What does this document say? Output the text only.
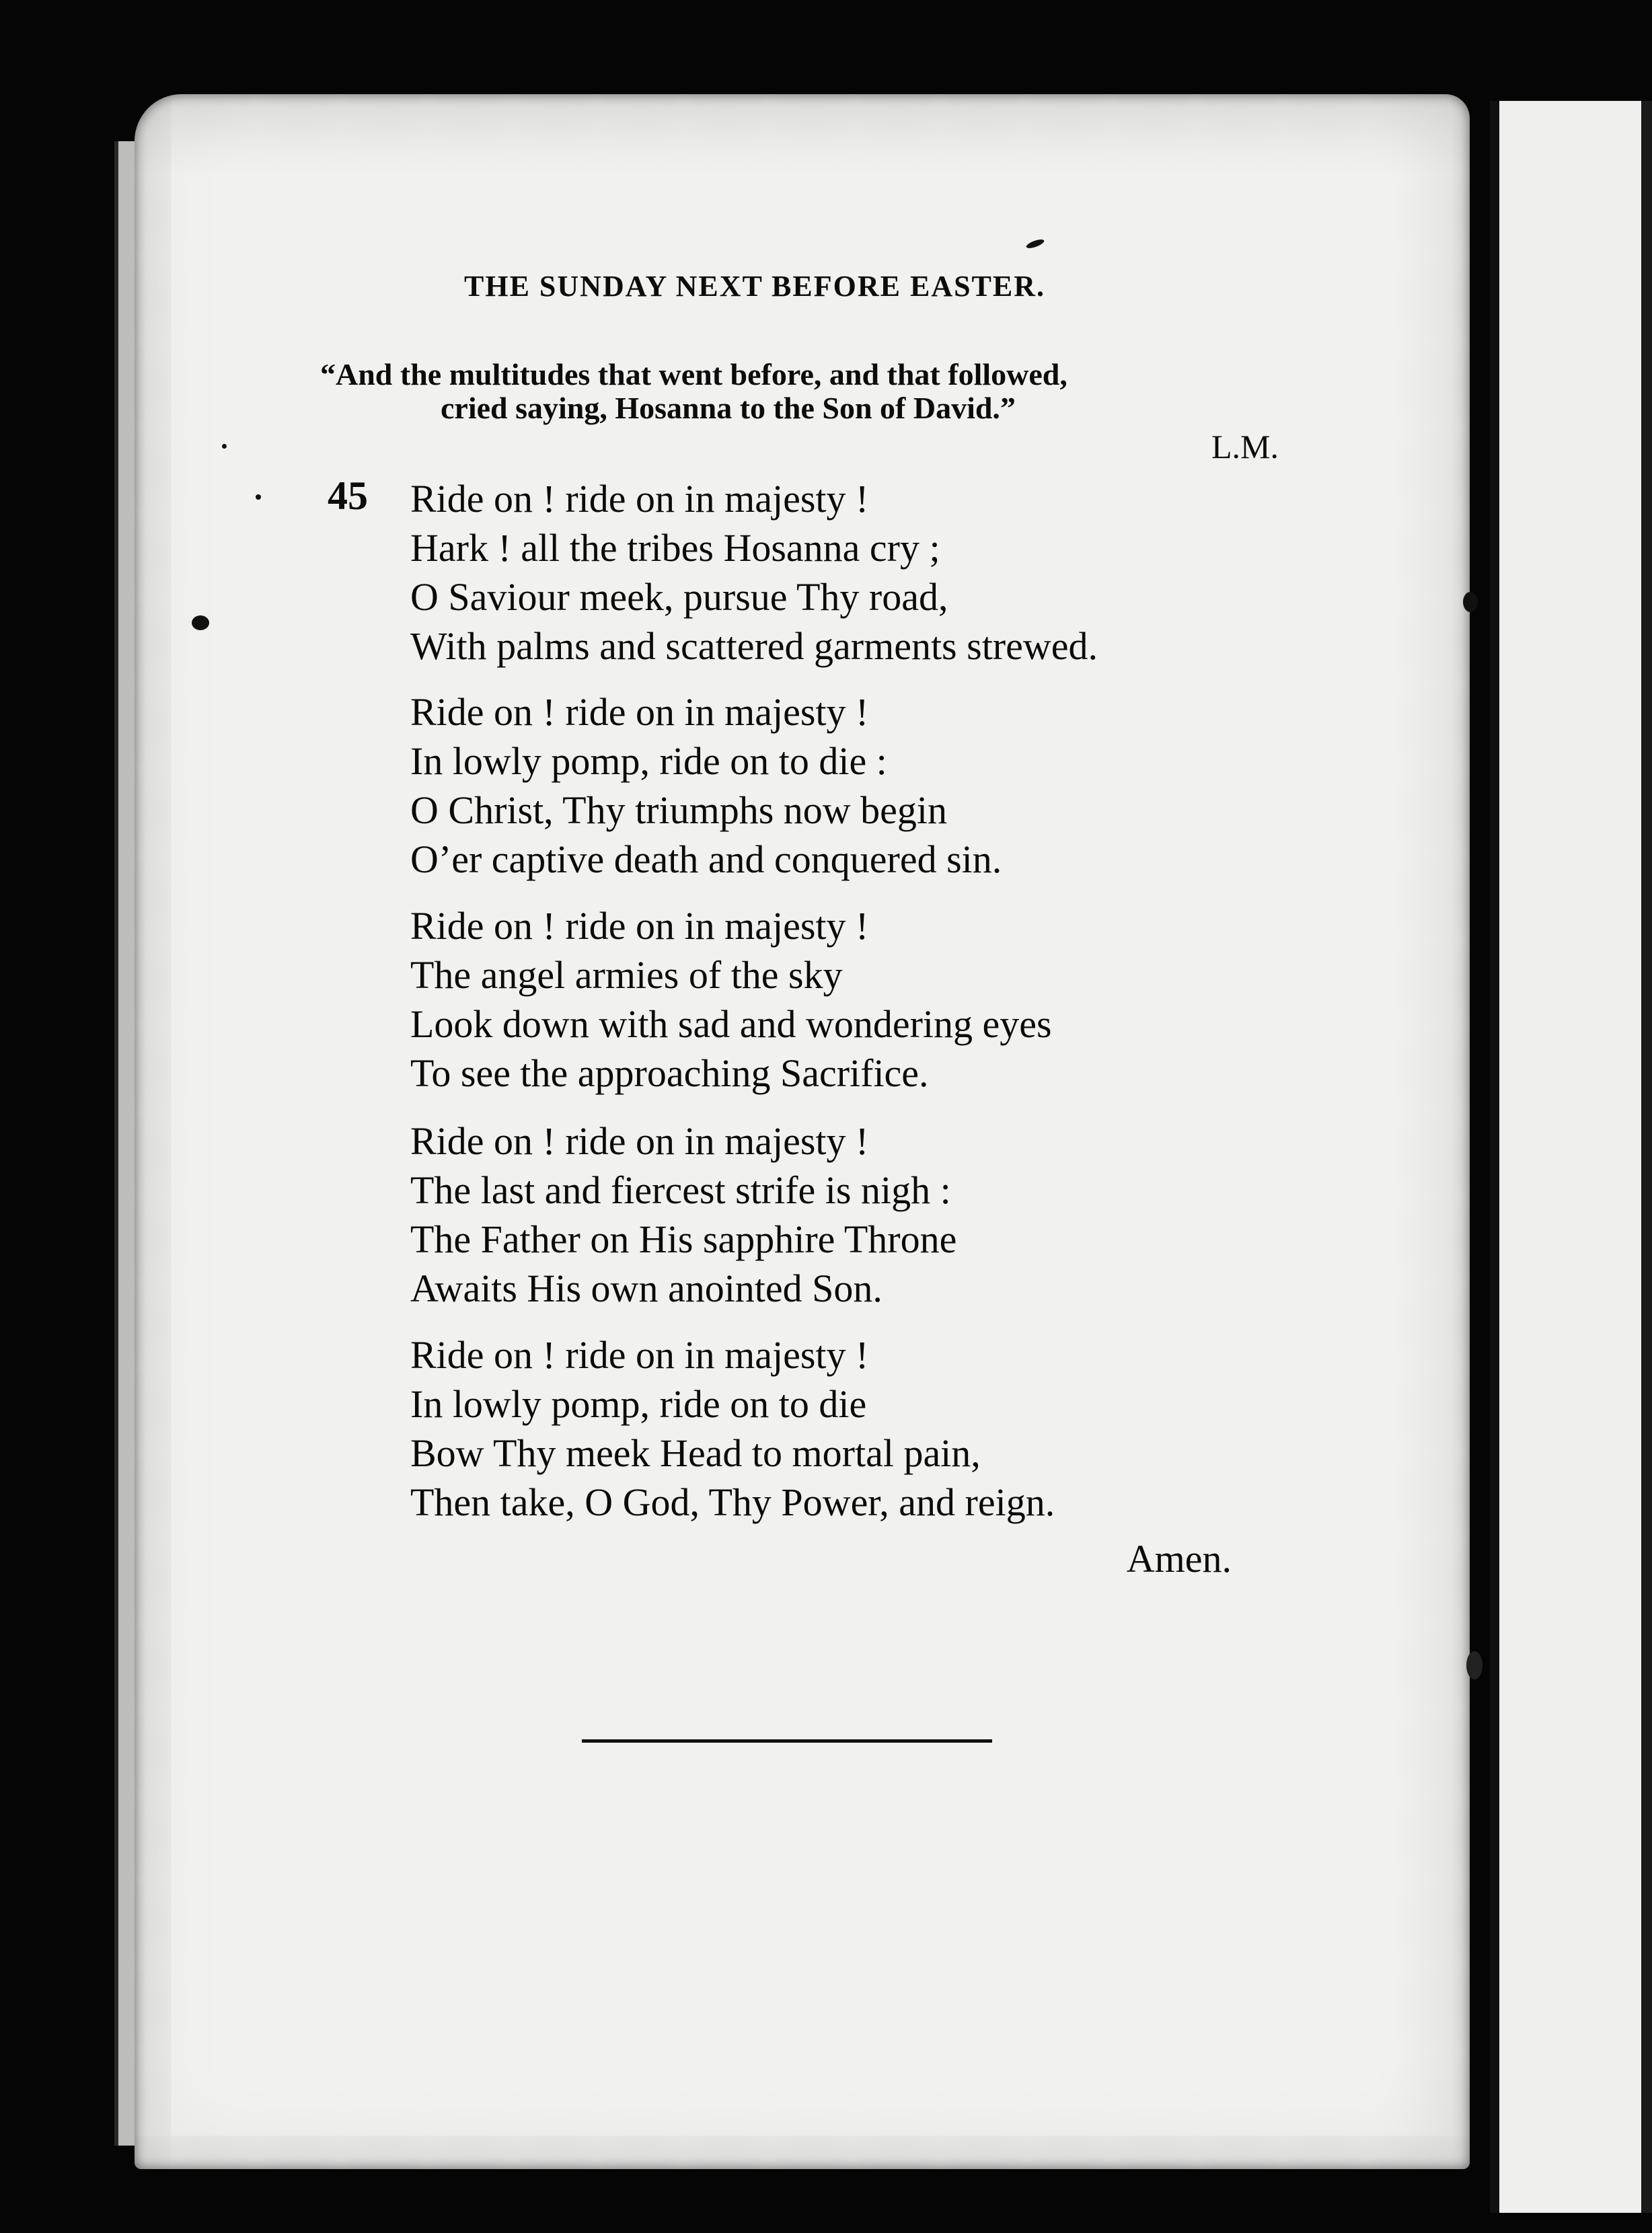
THE SUNDAY NEXT BEFORE EASTER.
“And the multitudes that went before, and that followed,
cried saying, Hosanna to the Son of David.”
L.M.
45 Ride on ! ride on in majesty !
Hark ! all the tribes Hosanna cry ;
O Saviour meek, pursue Thy road,
With palms and scattered garments strewed.
Ride on ! ride on in majesty !
In lowly pomp, ride on to die :
O Christ, Thy triumphs now begin
O’er captive death and conquered sin.
Ride on ! ride on in majesty !
The angel armies of the sky
Look down with sad and wondering eyes
To see the approaching Sacrifice.
Ride on ! ride on in majesty !
The last and fiercest strife is nigh :
The Father on His sapphire Throne
Awaits His own anointed Son.
Ride on ! ride on in majesty !
In lowly pomp, ride on to die
Bow Thy meek Head to mortal pain,
Then take, O God, Thy Power, and reign.
Amen.
